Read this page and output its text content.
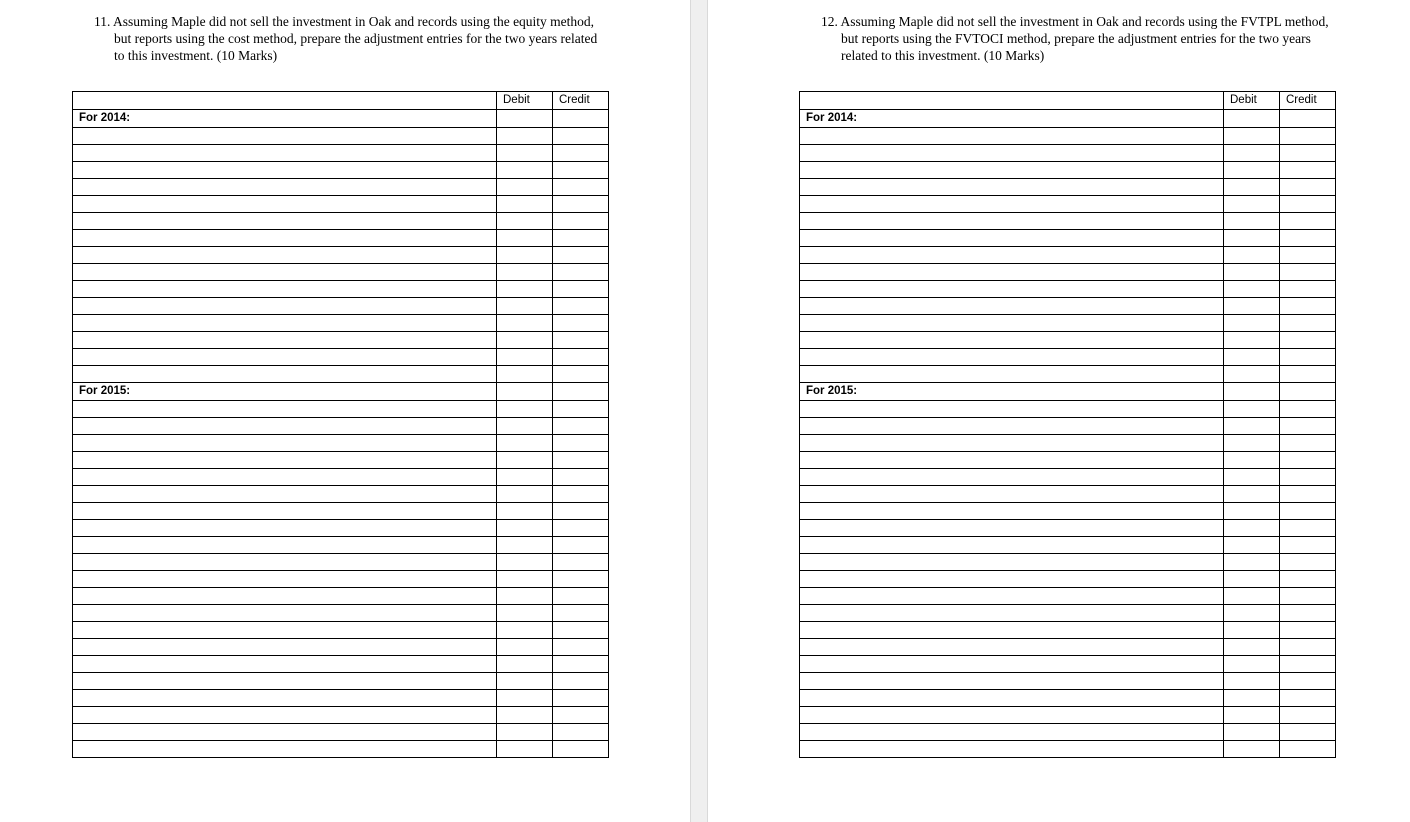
11. Assuming Maple did not sell the investment in Oak and records using the equity method,
but reports using the cost method, prepare the adjustment entries for the two years related
to this investment. (10 Marks)
	Debit	Credit
For 2014:		

For 2015:		

12. Assuming Maple did not sell the investment in Oak and records using the FVTPL method,
but reports using the FVTOCI method, prepare the adjustment entries for the two years
related to this investment. (10 Marks)
	Debit	Credit
For 2014:		

For 2015:		
